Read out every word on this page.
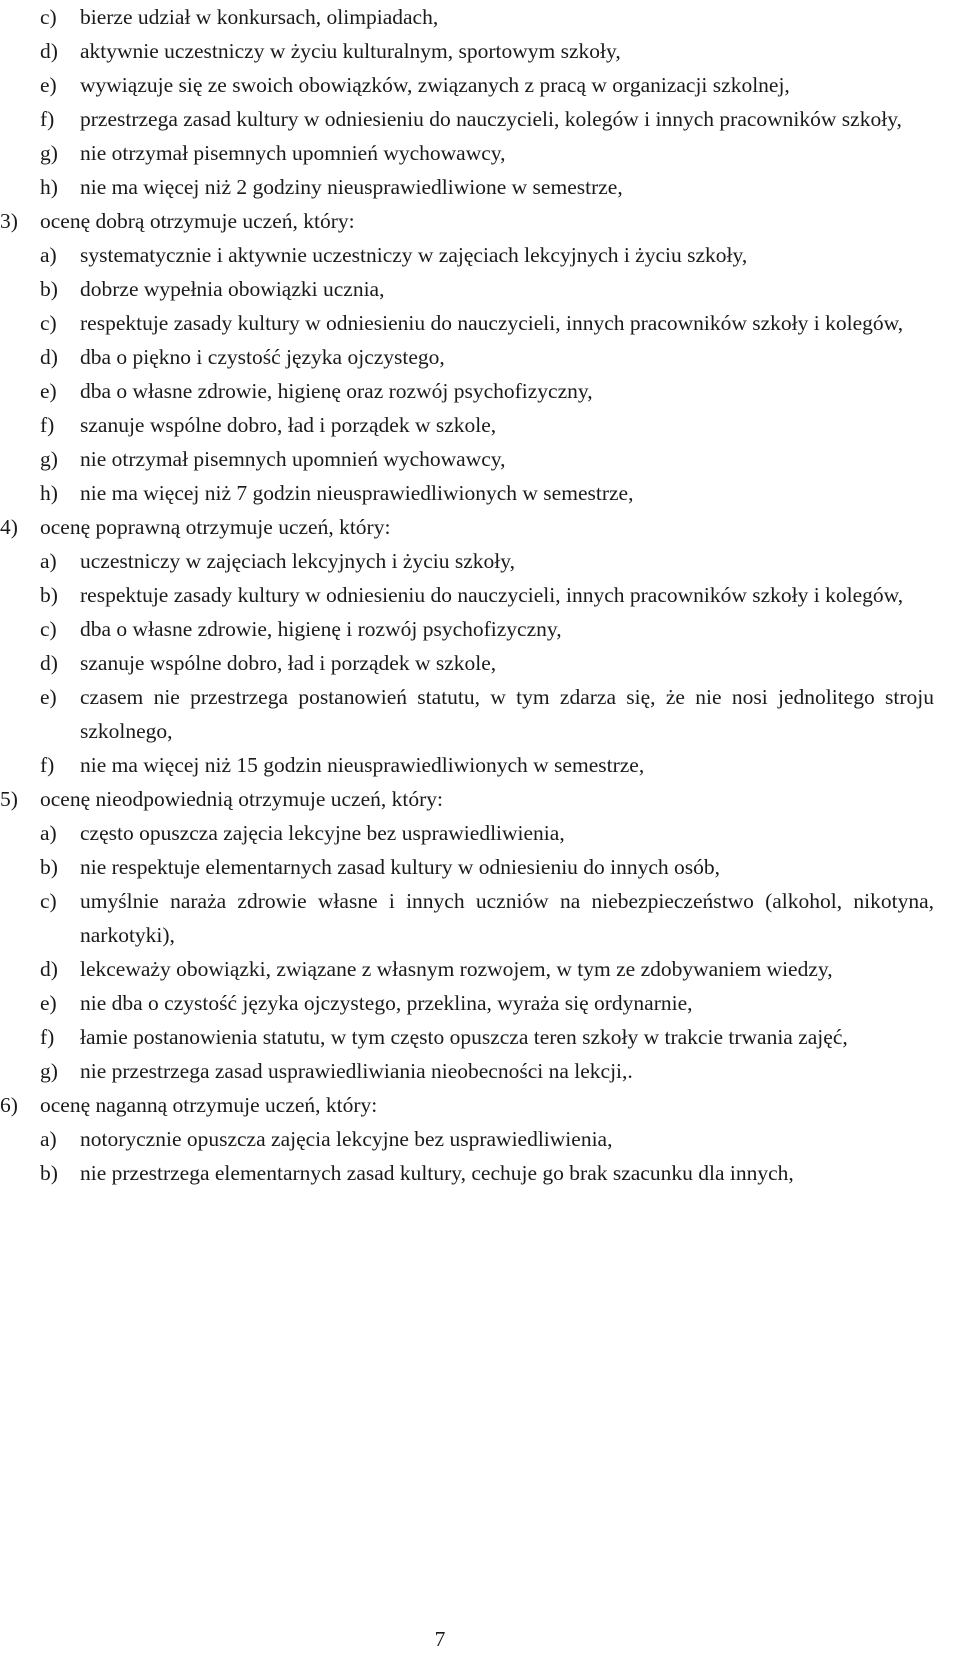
c)	bierze udział w konkursach, olimpiadach,
d)	aktywnie uczestniczy w życiu kulturalnym, sportowym szkoły,
e)	wywiązuje się ze swoich obowiązków, związanych z pracą w organizacji szkolnej,
f)	przestrzega zasad kultury w odniesieniu do nauczycieli, kolegów i innych pracowników szkoły,
g)	nie otrzymał pisemnych upomnień wychowawcy,
h)	nie ma więcej niż 2 godziny nieusprawiedliwione w semestrze,
3)	ocenę dobrą otrzymuje uczeń, który:
a)	systematycznie i aktywnie uczestniczy w zajęciach lekcyjnych i życiu szkoły,
b)	dobrze wypełnia obowiązki ucznia,
c)	respektuje zasady kultury w odniesieniu do nauczycieli, innych pracowników szkoły i kolegów,
d)	dba o piękno i czystość języka ojczystego,
e)	dba o własne zdrowie, higienę oraz rozwój psychofizyczny,
f)	szanuje wspólne dobro, ład i porządek w szkole,
g)	nie otrzymał pisemnych upomnień wychowawcy,
h)	nie ma więcej niż 7 godzin nieusprawiedliwionych w semestrze,
4)	ocenę poprawną otrzymuje uczeń, który:
a)	uczestniczy w zajęciach lekcyjnych i życiu szkoły,
b)	respektuje zasady kultury w odniesieniu do nauczycieli, innych pracowników szkoły i kolegów,
c)	dba o własne zdrowie, higienę i rozwój psychofizyczny,
d)	szanuje wspólne dobro, ład i porządek w szkole,
e)	czasem nie przestrzega postanowień statutu, w tym zdarza się, że nie nosi jednolitego stroju szkolnego,
f)	nie ma więcej niż 15 godzin nieusprawiedliwionych w semestrze,
5)	ocenę nieodpowiednią otrzymuje uczeń, który:
a)	często opuszcza zajęcia lekcyjne bez usprawiedliwienia,
b)	nie respektuje elementarnych zasad kultury w odniesieniu do innych osób,
c)	umyślnie naraża zdrowie własne i innych uczniów na niebezpieczeństwo (alkohol, nikotyna, narkotyki),
d)	lekceważy obowiązki, związane z własnym rozwojem, w tym ze zdobywaniem wiedzy,
e)	nie dba o czystość języka ojczystego, przeklina, wyraża się ordynarnie,
f)	łamie postanowienia statutu, w tym często opuszcza teren szkoły w trakcie trwania zajęć,
g)	nie przestrzega zasad usprawiedliwiania nieobecności na lekcji,.
6)	ocenę naganną otrzymuje uczeń, który:
a)	notorycznie opuszcza zajęcia lekcyjne bez usprawiedliwienia,
b)	nie przestrzega elementarnych zasad kultury, cechuje go brak szacunku dla innych,
7
